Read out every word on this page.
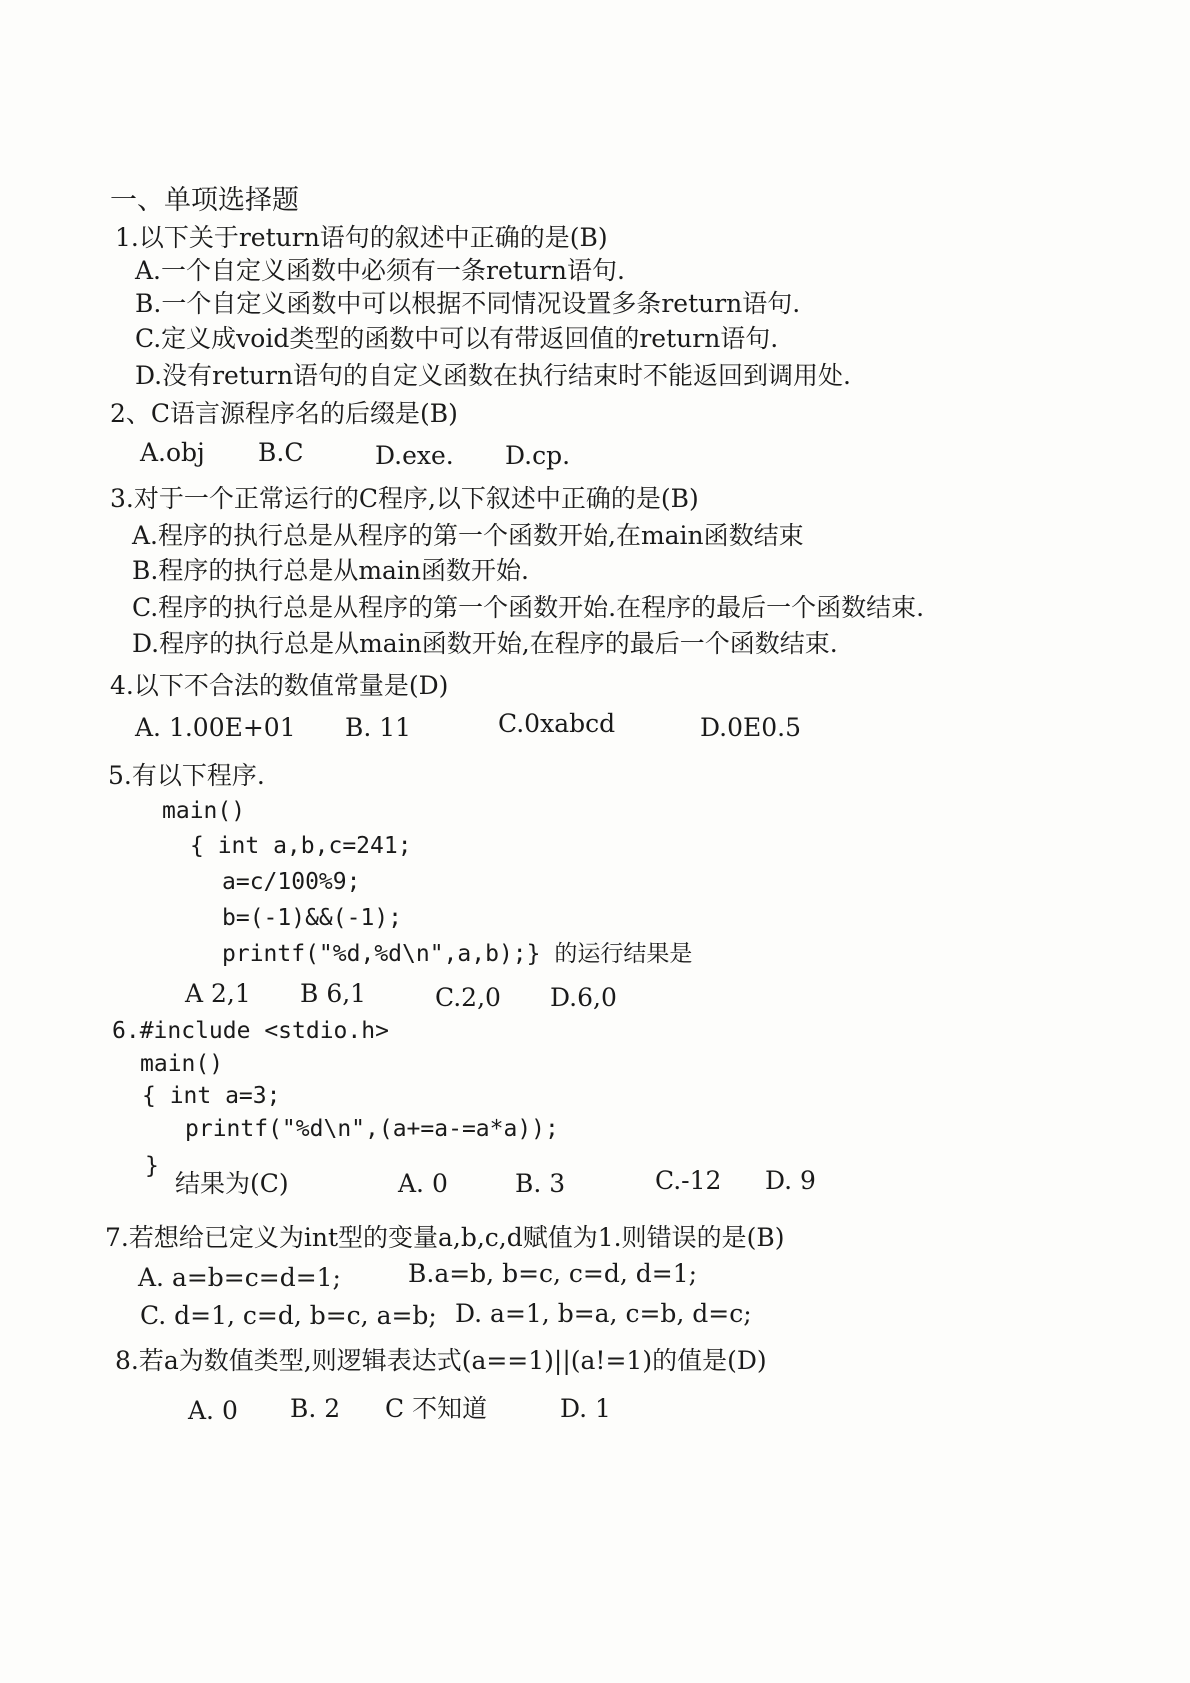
一、单项选择题
1.以下关于return语句的叙述中正确的是(B)
A.一个自定义函数中必须有一条return语句.
B.一个自定义函数中可以根据不同情况设置多条return语句.
C.定义成void类型的函数中可以有带返回值的return语句.
D.没有return语句的自定义函数在执行结束时不能返回到调用处.
2、C语言源程序名的后缀是(B)
A.obj B.C	D.exe. D.cp.
3.对于一个正常运行的C程序,以下叙述中正确的是(B)
A.程序的执行总是从程序的第一个函数开始,在main函数结束
B.程序的执行总是从main函数开始.
C.程序的执行总是从程序的第一个函数开始.在程序的最后一个函数结束.
D.程序的执行总是从main函数开始,在程序的最后一个函数结束.
4.以下不合法的数值常量是(D)
A. 1.00E+01 B. 11	C.0xabcd	D.0E0.5
5.有以下程序.
main()
{ int a,b,c=241;
a=c/100%9;
b=(-1)&&(-1);
printf("%d,%d\n",a,b);} 的运行结果是
A 2,1 B 6,1	C.2,0 D.6,0
6.#include <stdio.h>
main()
{ int a=3;
printf("%d\n",(a+=a-=a*a));
}
结果为(C)	A. 0	B. 3	C.-12 D. 9
7.若想给已定义为int型的变量a,b,c,d赋值为1.则错误的是(B)
A. a=b=c=d=1;	B.a=b, b=c, c=d, d=1;
C. d=1, c=d, b=c, a=b; D. a=1, b=a, c=b, d=c;
8.若a为数值类型,则逻辑表达式(a==1)||(a!=1)的值是(D)
A. 0 B. 2 C 不知道	D. 1
